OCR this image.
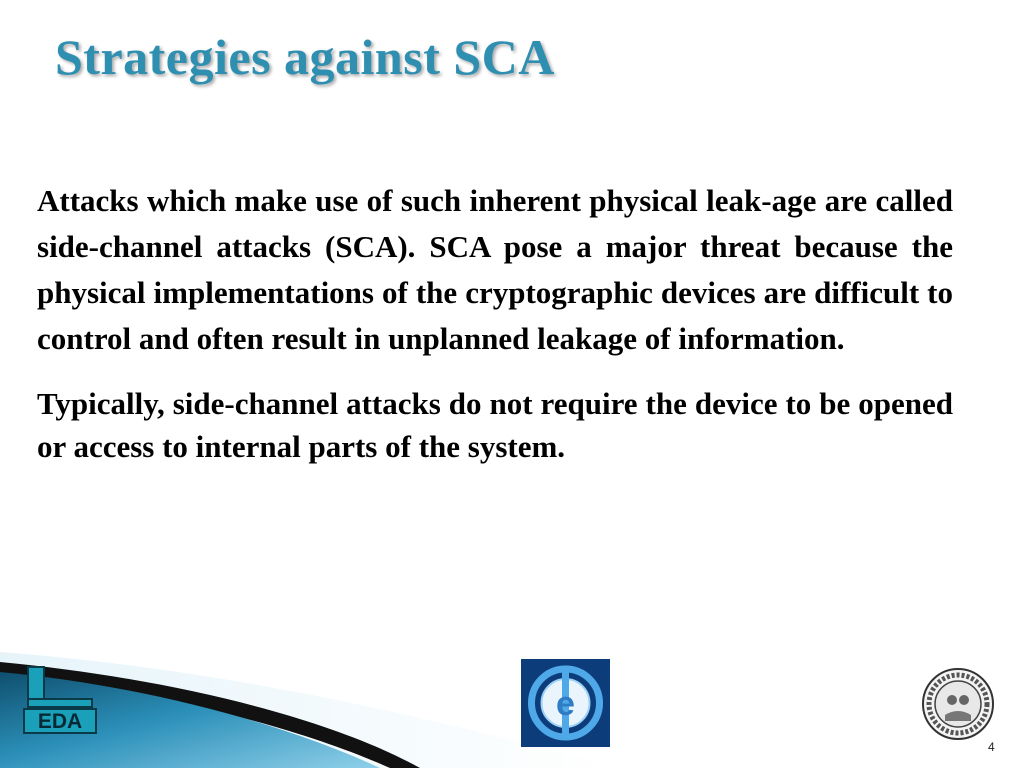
Strategies against SCA

Attacks which make use of such inherent physical leak-age are called side-channel attacks (SCA). SCA pose a major threat because the physical implementations of the cryptographic devices are difficult to control and often result in unplanned leakage of information.

Typically, side-channel attacks do not require the device to be opened or access to internal parts of the system.

EDA	e
4
